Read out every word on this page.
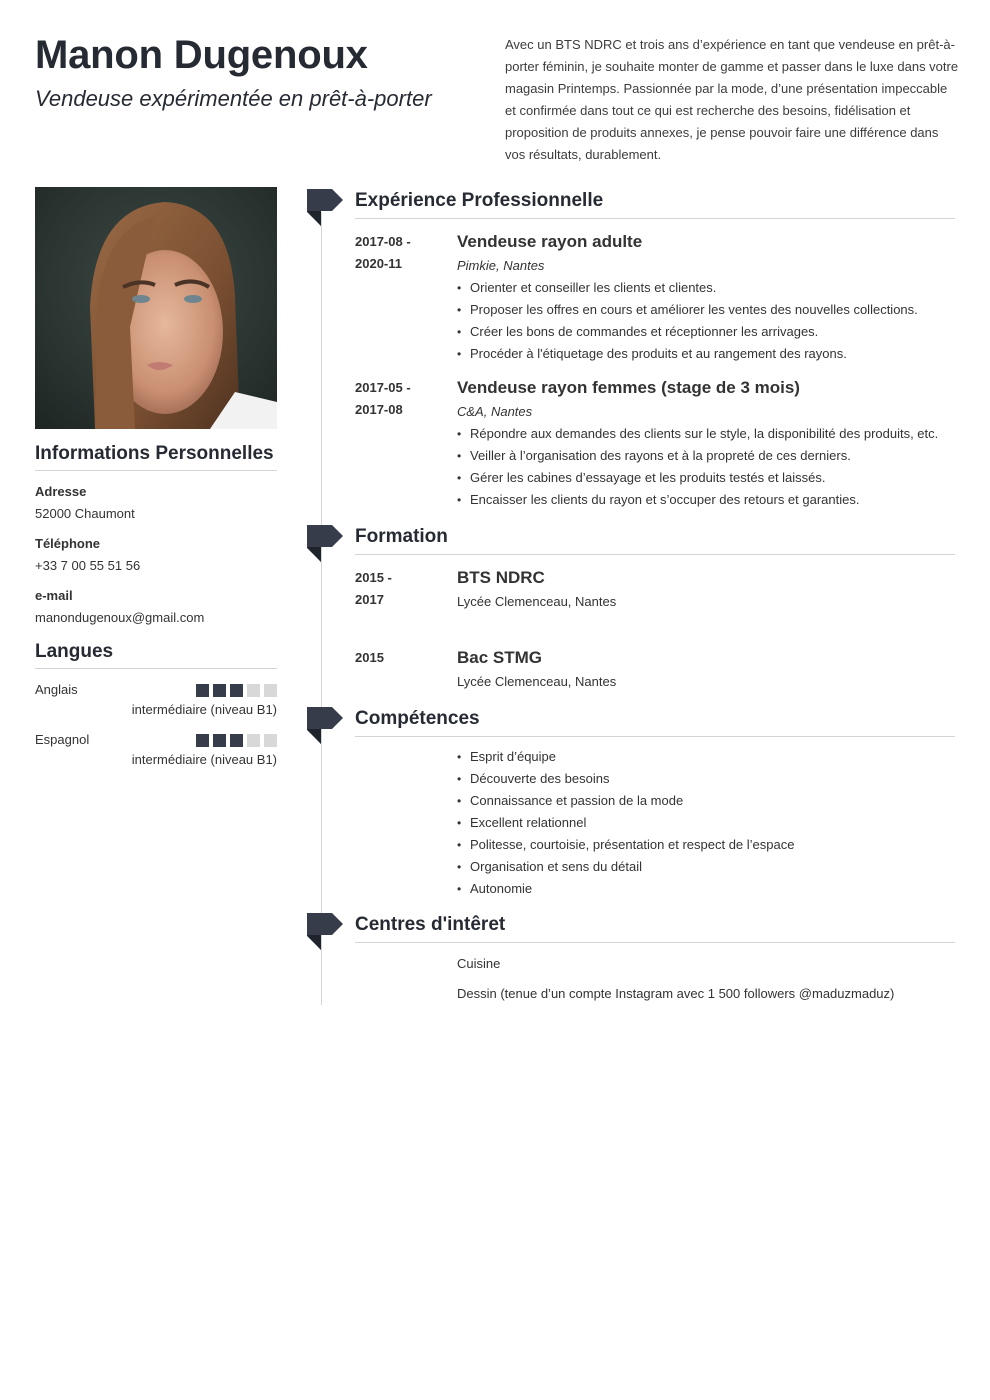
Manon Dugenoux
Vendeuse expérimentée en prêt-à-porter
Avec un BTS NDRC et trois ans d’expérience en tant que vendeuse en prêt-à-porter féminin, je souhaite monter de gamme et passer dans le luxe dans votre magasin Printemps. Passionnée par la mode, d’une présentation impeccable et confirmée dans tout ce qui est recherche des besoins, fidélisation et proposition de produits annexes, je pense pouvoir faire une différence dans vos résultats, durablement.
Informations Personnelles
Adresse
52000 Chaumont
Téléphone
+33 7 00 55 51 56
e-mail
manondugenoux@gmail.com
Langues
Anglais
intermédiaire (niveau B1)
Espagnol
intermédiaire (niveau B1)
Expérience Professionnelle
2017-08 -
2020-11
Vendeuse rayon adulte
Pimkie, Nantes
• Orienter et conseiller les clients et clientes.
• Proposer les offres en cours et améliorer les ventes des nouvelles collections.
• Créer les bons de commandes et réceptionner les arrivages.
• Procéder à l'étiquetage des produits et au rangement des rayons.
2017-05 -
2017-08
Vendeuse rayon femmes (stage de 3 mois)
C&A, Nantes
• Répondre aux demandes des clients sur le style, la disponibilité des produits, etc.
• Veiller à l’organisation des rayons et à la propreté de ces derniers.
• Gérer les cabines d’essayage et les produits testés et laissés.
• Encaisser les clients du rayon et s’occuper des retours et garanties.
Formation
2015 -
2017
BTS NDRC
Lycée Clemenceau, Nantes
2015	Bac STMG
Lycée Clemenceau, Nantes
Compétences
• Esprit d’équipe
• Découverte des besoins
• Connaissance et passion de la mode
• Excellent relationnel
• Politesse, courtoisie, présentation et respect de l’espace
• Organisation et sens du détail
• Autonomie
Centres d'intêret
Cuisine
Dessin (tenue d’un compte Instagram avec 1 500 followers @maduzmaduz)
